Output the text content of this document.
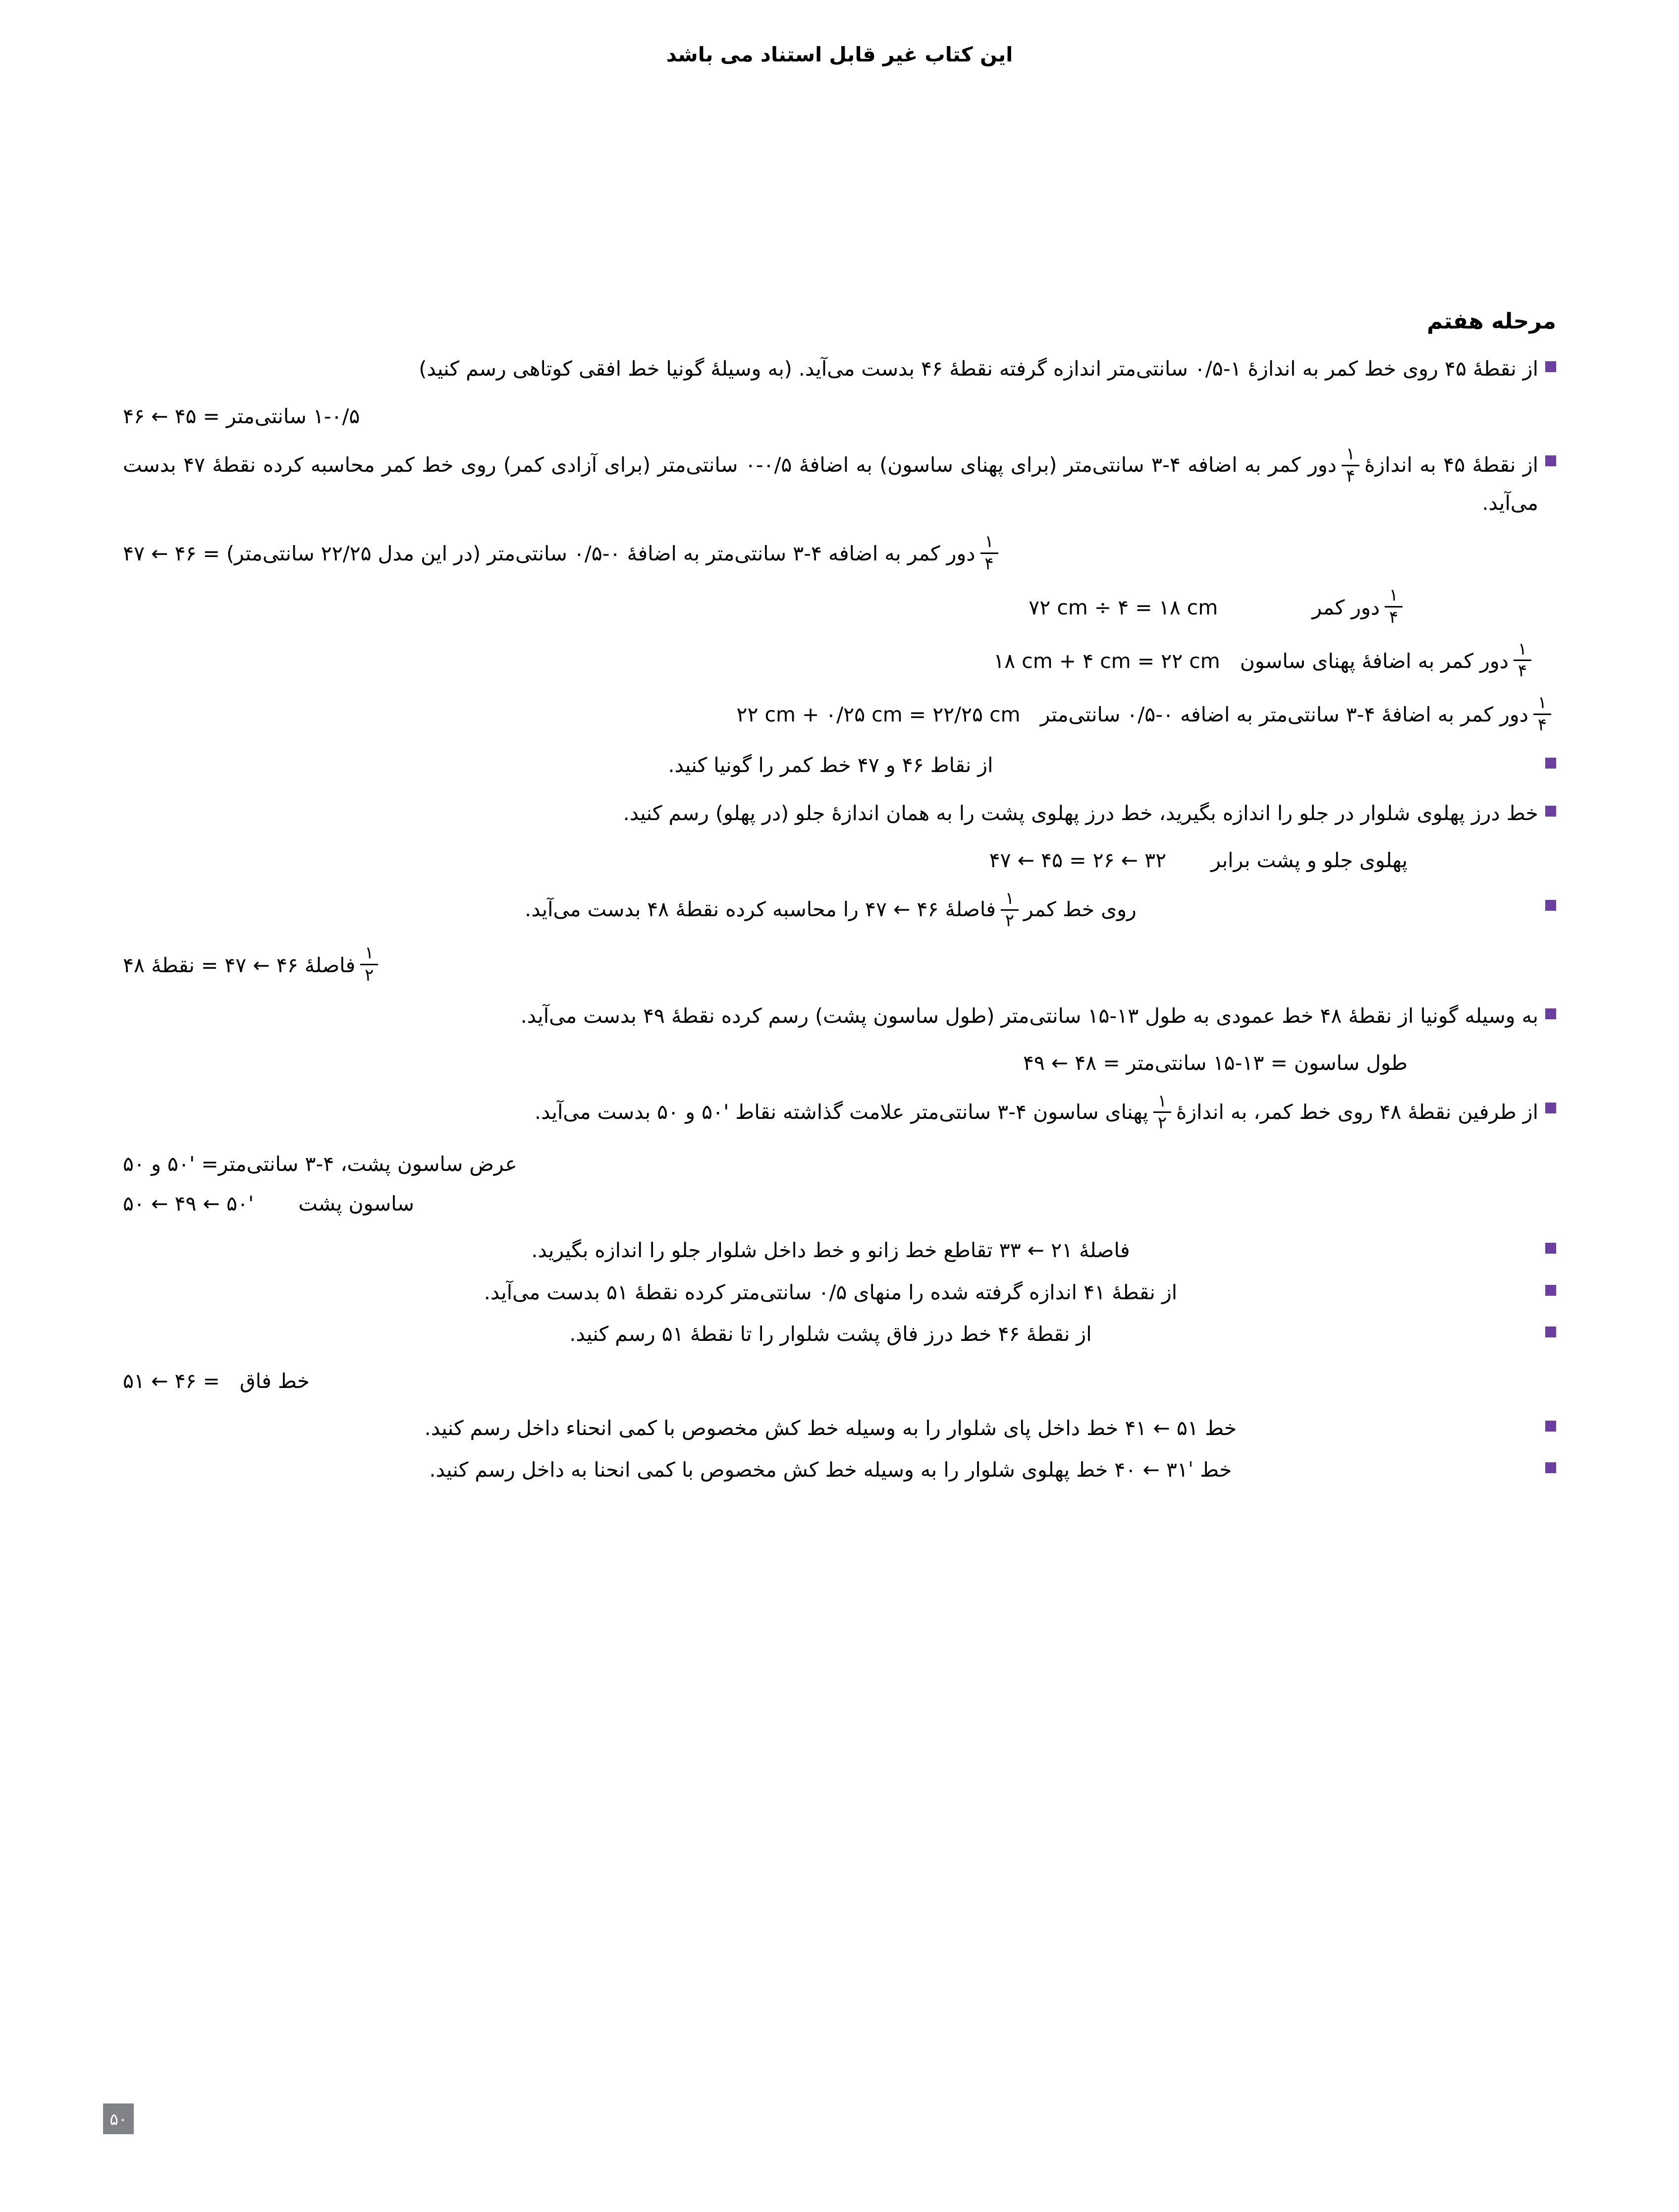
این کتاب غیر قابل استناد می باشد
مرحله هفتم
از نقطهٔ ۴۵ روی خط کمر به اندازهٔ ۱-۰/۵ سانتی‌متر اندازه گرفته نقطهٔ ۴۶ بدست می‌آید. (به وسیلهٔ گونیا خط افقی کوتاهی رسم کنید)
۱-۰/۵ سانتی‌متر = ۴۵ ← ۴۶
از نقطهٔ ۴۵ به اندازهٔ
$\frac{۱}{۴}$
دور کمر به اضافه ۴-۳ سانتی‌متر (برای پهنای ساسون) به اضافهٔ ۰/۵-۰ سانتی‌متر (برای آزادی کمر) روی خط کمر محاسبه کرده نقطهٔ ۴۷ بدست می‌آید.
$\frac{۱}{۴}$
دور کمر به اضافه ۴-۳ سانتی‌متر به اضافهٔ ۰-۰/۵ سانتی‌متر (در این مدل ۲۲/۲۵ سانتی‌متر) = ۴۶ ← ۴۷
$\frac{۱}{۴}$
دور کمر
۷۲ cm ÷ ۴ = ۱۸ cm
$\frac{۱}{۴}$
دور کمر به اضافهٔ پهنای ساسون
۱۸ cm + ۴ cm = ۲۲ cm
$\frac{۱}{۴}$
دور کمر به اضافهٔ ۴-۳ سانتی‌متر به اضافه ۰-۰/۵ سانتی‌متر
۲۲ cm + ۰/۲۵ cm = ۲۲/۲۵ cm
از نقاط ۴۶ و ۴۷ خط کمر را گونیا کنید.
خط درز پهلوی شلوار در جلو را اندازه بگیرید، خط درز پهلوی پشت را به همان اندازهٔ جلو (در پهلو) رسم کنید.
پهلوی جلو و پشت برابر
۳۲ ← ۲۶ = ۴۵ ← ۴۷
روی خط کمر
$\frac{۱}{۲}$
فاصلهٔ ۴۶ ← ۴۷ را محاسبه کرده نقطهٔ ۴۸ بدست می‌آید.
$\frac{۱}{۲}$
فاصلهٔ ۴۶ ← ۴۷ = نقطهٔ ۴۸
به وسیله گونیا از نقطهٔ ۴۸ خط عمودی به طول ۱۳-۱۵ سانتی‌متر (طول ساسون پشت) رسم کرده نقطهٔ ۴۹ بدست می‌آید.
طول ساسون = ۱۳-۱۵ سانتی‌متر = ۴۸ ← ۴۹
از طرفین نقطهٔ ۴۸ روی خط کمر، به اندازهٔ
$\frac{۱}{۲}$
پهنای ساسون ۴-۳ سانتی‌متر علامت گذاشته نقاط '۵۰ و ۵۰ بدست می‌آید.
عرض ساسون پشت، ۴-۳ سانتی‌متر= '۵۰ و ۵۰
ساسون پشت
'۵۰ ← ۴۹ ← ۵۰
فاصلهٔ ۲۱ ← ۳۳ تقاطع خط زانو و خط داخل شلوار جلو را اندازه بگیرید.
از نقطهٔ ۴۱ اندازه گرفته شده را منهای ۰/۵ سانتی‌متر کرده نقطهٔ ۵۱ بدست می‌آید.
از نقطهٔ ۴۶ خط درز فاق پشت شلوار را تا نقطهٔ ۵۱ رسم کنید.
خط فاق
= ۴۶ ← ۵۱
خط ۵۱ ← ۴۱ خط داخل پای شلوار را به وسیله خط کش مخصوص با کمی انحناء داخل رسم کنید.
خط ˈ۳۱ ← ۴۰ خط پهلوی شلوار را به وسیله خط کش مخصوص با کمی انحنا به داخل رسم کنید.
۵۰
